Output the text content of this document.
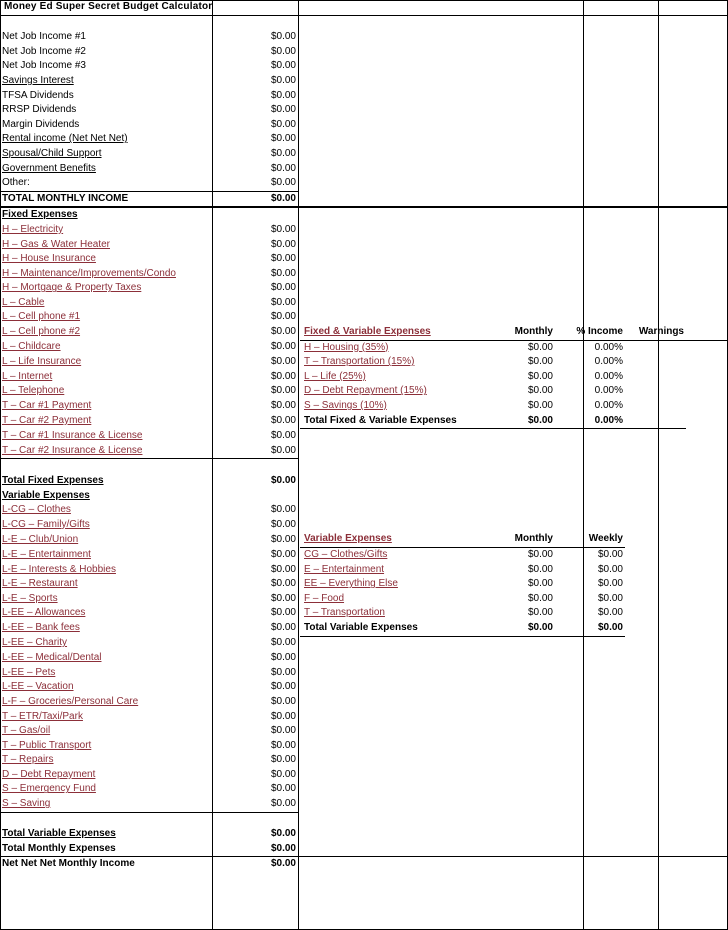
Money Ed Super Secret Budget Calculator							

Net Job Income #1	$0.00						
Net Job Income #2	$0.00						
Net Job Income #3	$0.00						
Savings Interest	$0.00						
TFSA Dividends	$0.00						
RRSP Dividends	$0.00						
Margin Dividends	$0.00						
Rental income (Net Net Net)	$0.00						
Spousal/Child Support	$0.00						
Government Benefits	$0.00						
Other:	$0.00						
TOTAL MONTHLY INCOME	$0.00						
Fixed Expenses							
H – Electricity	$0.00						
H – Gas & Water Heater	$0.00						
H – House Insurance	$0.00						
H – Maintenance/Improvements/Condo	$0.00						
H – Mortgage & Property Taxes	$0.00						
L – Cable	$0.00						
L – Cell phone #1	$0.00						
L – Cell phone #2	$0.00		Fixed & Variable Expenses	Monthly	% Income	Warnings	
L – Childcare	$0.00		H – Housing (35%)	$0.00	0.00%		
L – Life Insurance	$0.00		T – Transportation (15%)	$0.00	0.00%		
L – Internet	$0.00		L – Life (25%)	$0.00	0.00%		
L – Telephone	$0.00		D – Debt Repayment (15%)	$0.00	0.00%		
T – Car #1 Payment	$0.00		S – Savings (10%)	$0.00	0.00%		
T – Car #2 Payment	$0.00		Total Fixed & Variable Expenses	$0.00	0.00%		
T – Car #1 Insurance & License	$0.00						
T – Car #2 Insurance & License	$0.00						

Total Fixed Expenses	$0.00						
Variable Expenses							
L-CG – Clothes	$0.00						
L-CG – Family/Gifts	$0.00						
L-E – Club/Union	$0.00		Variable Expenses	Monthly	Weekly		
L-E – Entertainment	$0.00		CG – Clothes/Gifts	$0.00	$0.00		
L-E – Interests & Hobbies	$0.00		E – Entertainment	$0.00	$0.00		
L-E – Restaurant	$0.00		EE – Everything Else	$0.00	$0.00		
L-E – Sports	$0.00		F – Food	$0.00	$0.00		
L-EE – Allowances	$0.00		T – Transportation	$0.00	$0.00		
L-EE – Bank fees	$0.00		Total Variable Expenses	$0.00	$0.00		
L-EE – Charity	$0.00						
L-EE – Medical/Dental	$0.00						
L-EE – Pets	$0.00						
L-EE – Vacation	$0.00						
L-F – Groceries/Personal Care	$0.00						
T – ETR/Taxi/Park	$0.00						
T – Gas/oil	$0.00						
T – Public Transport	$0.00						
T – Repairs	$0.00						
D – Debt Repayment	$0.00						
S – Emergency Fund	$0.00						
S – Saving	$0.00						

Total Variable Expenses	$0.00						
Total Monthly Expenses	$0.00						
Net Net Net Monthly Income	$0.00						
